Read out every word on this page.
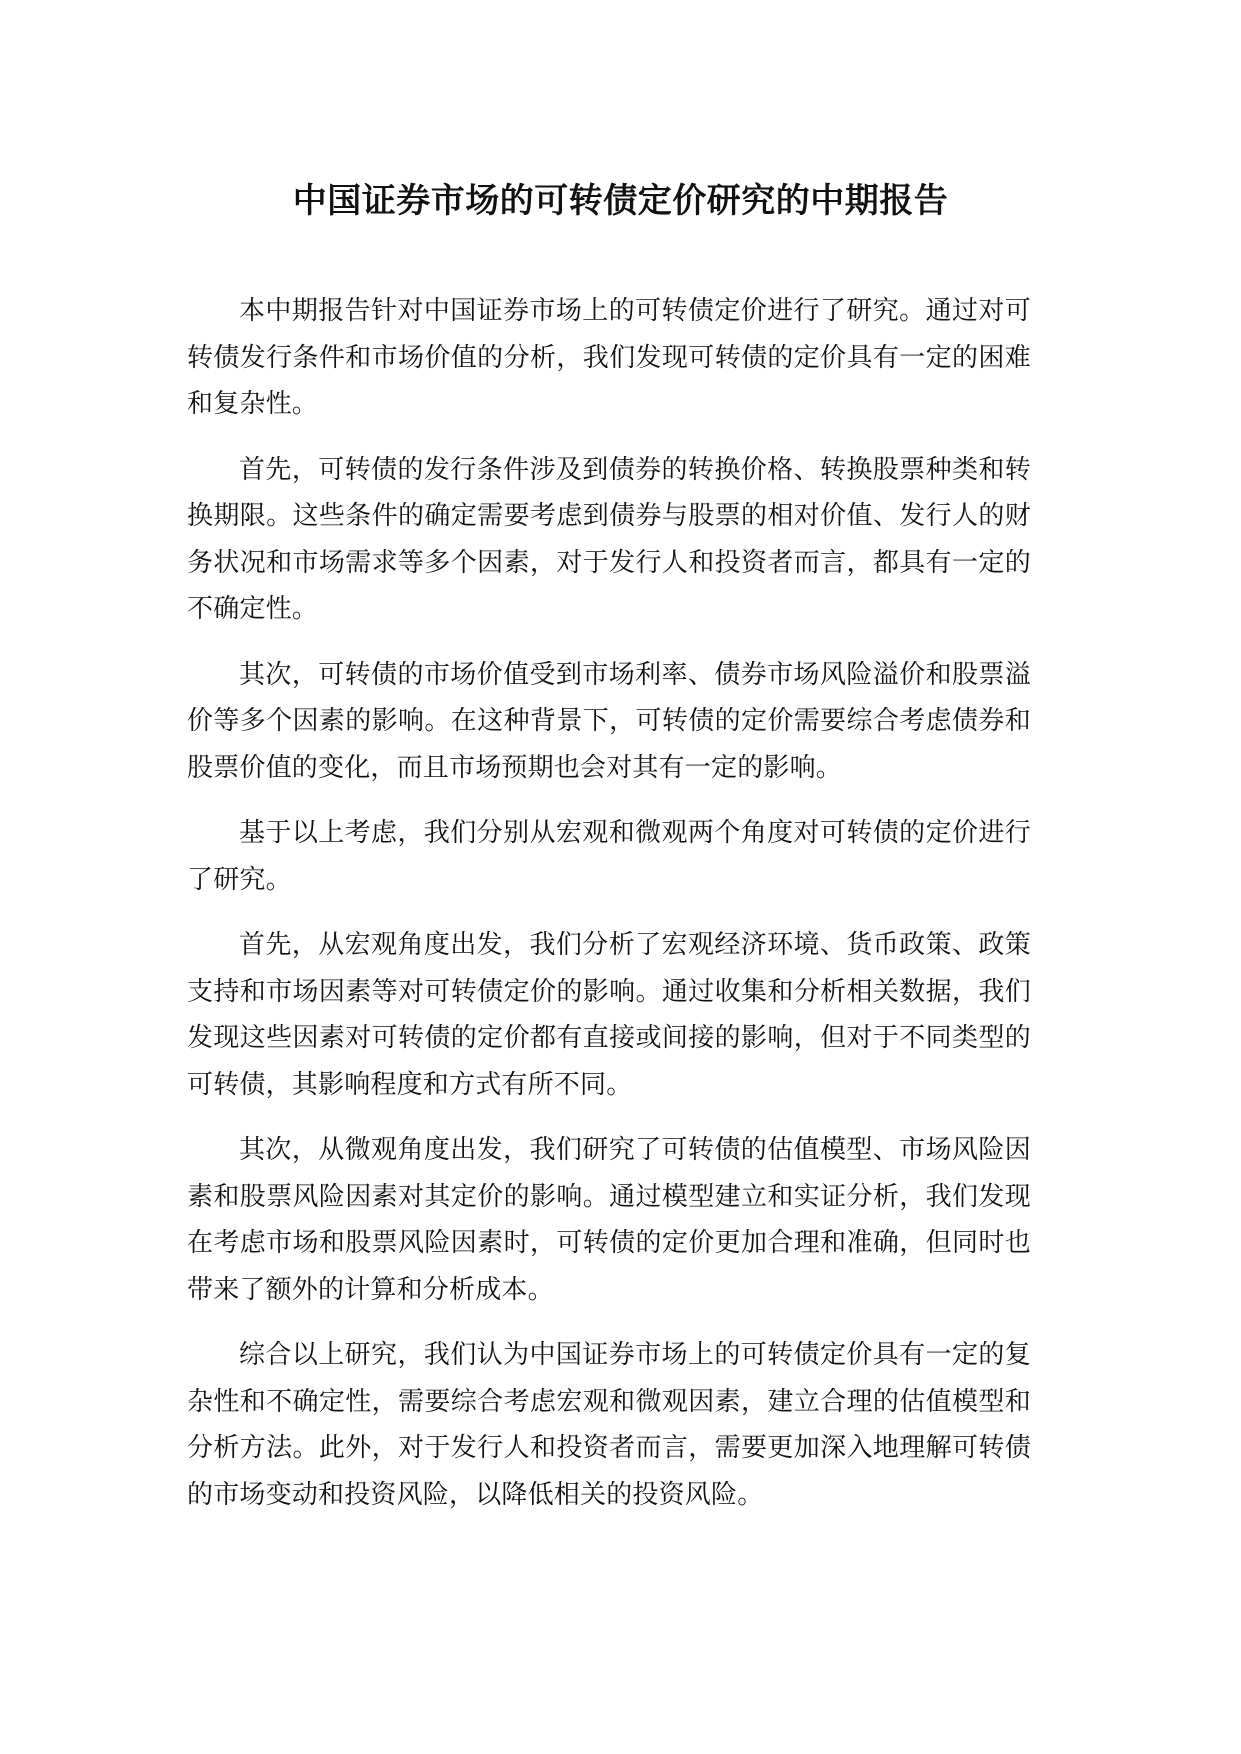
中国证券市场的可转债定价研究的中期报告

本中期报告针对中国证券市场上的可转债定价进行了研究。通过对可转债发行条件和市场价值的分析，我们发现可转债的定价具有一定的困难和复杂性。

首先，可转债的发行条件涉及到债券的转换价格、转换股票种类和转换期限。这些条件的确定需要考虑到债券与股票的相对价值、发行人的财务状况和市场需求等多个因素，对于发行人和投资者而言，都具有一定的不确定性。

其次，可转债的市场价值受到市场利率、债券市场风险溢价和股票溢价等多个因素的影响。在这种背景下，可转债的定价需要综合考虑债券和股票价值的变化，而且市场预期也会对其有一定的影响。

基于以上考虑，我们分别从宏观和微观两个角度对可转债的定价进行了研究。

首先，从宏观角度出发，我们分析了宏观经济环境、货币政策、政策支持和市场因素等对可转债定价的影响。通过收集和分析相关数据，我们发现这些因素对可转债的定价都有直接或间接的影响，但对于不同类型的可转债，其影响程度和方式有所不同。

其次，从微观角度出发，我们研究了可转债的估值模型、市场风险因素和股票风险因素对其定价的影响。通过模型建立和实证分析，我们发现在考虑市场和股票风险因素时，可转债的定价更加合理和准确，但同时也带来了额外的计算和分析成本。

综合以上研究，我们认为中国证券市场上的可转债定价具有一定的复杂性和不确定性，需要综合考虑宏观和微观因素，建立合理的估值模型和分析方法。此外，对于发行人和投资者而言，需要更加深入地理解可转债的市场变动和投资风险，以降低相关的投资风险。
